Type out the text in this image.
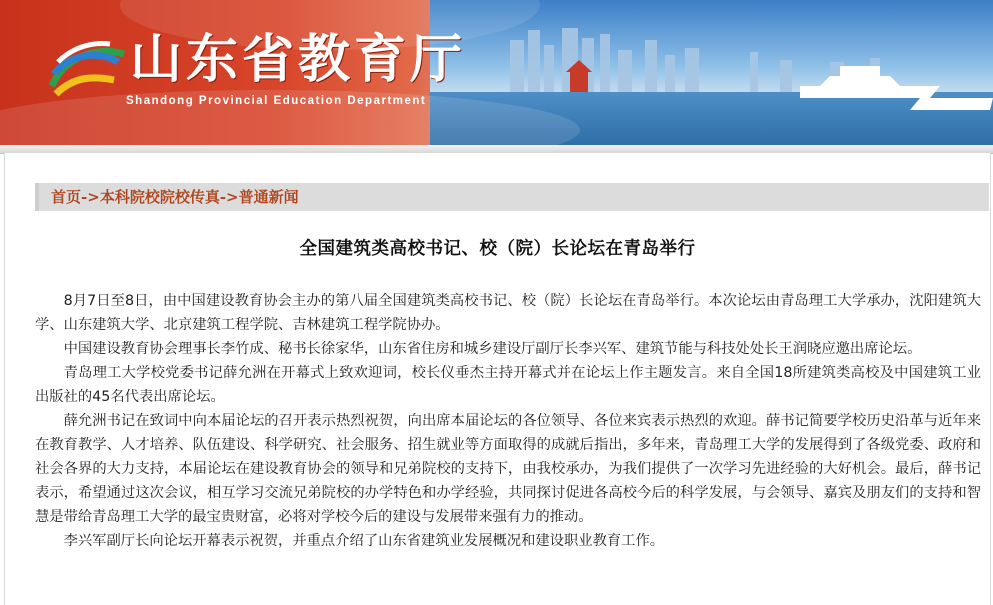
山东省教育厅
Shandong Provincial Education Department
首页->本科院校院校传真->普通新闻
全国建筑类高校书记、校（院）长论坛在青岛举行

8月7日至8日，由中国建设教育协会主办的第八届全国建筑类高校书记、校（院）长论坛在青岛举行。本次论坛由青岛理工大学承办，沈阳建筑大学、山东建筑大学、北京建筑工程学院、吉林建筑工程学院协办。

中国建设教育协会理事长李竹成、秘书长徐家华，山东省住房和城乡建设厅副厅长李兴军、建筑节能与科技处处长王润晓应邀出席论坛。

青岛理工大学校党委书记薛允洲在开幕式上致欢迎词，校长仪垂杰主持开幕式并在论坛上作主题发言。来自全国18所建筑类高校及中国建筑工业出版社的45名代表出席论坛。

薛允洲书记在致词中向本届论坛的召开表示热烈祝贺，向出席本届论坛的各位领导、各位来宾表示热烈的欢迎。薛书记简要学校历史沿革与近年来在教育教学、人才培养、队伍建设、科学研究、社会服务、招生就业等方面取得的成就后指出，多年来，青岛理工大学的发展得到了各级党委、政府和社会各界的大力支持，本届论坛在建设教育协会的领导和兄弟院校的支持下，由我校承办，为我们提供了一次学习先进经验的大好机会。最后，薛书记表示，希望通过这次会议，相互学习交流兄弟院校的办学特色和办学经验，共同探讨促进各高校今后的科学发展，与会领导、嘉宾及朋友们的支持和智慧是带给青岛理工大学的最宝贵财富，必将对学校今后的建设与发展带来强有力的推动。

李兴军副厅长向论坛开幕表示祝贺，并重点介绍了山东省建筑业发展概况和建设职业教育工作。
